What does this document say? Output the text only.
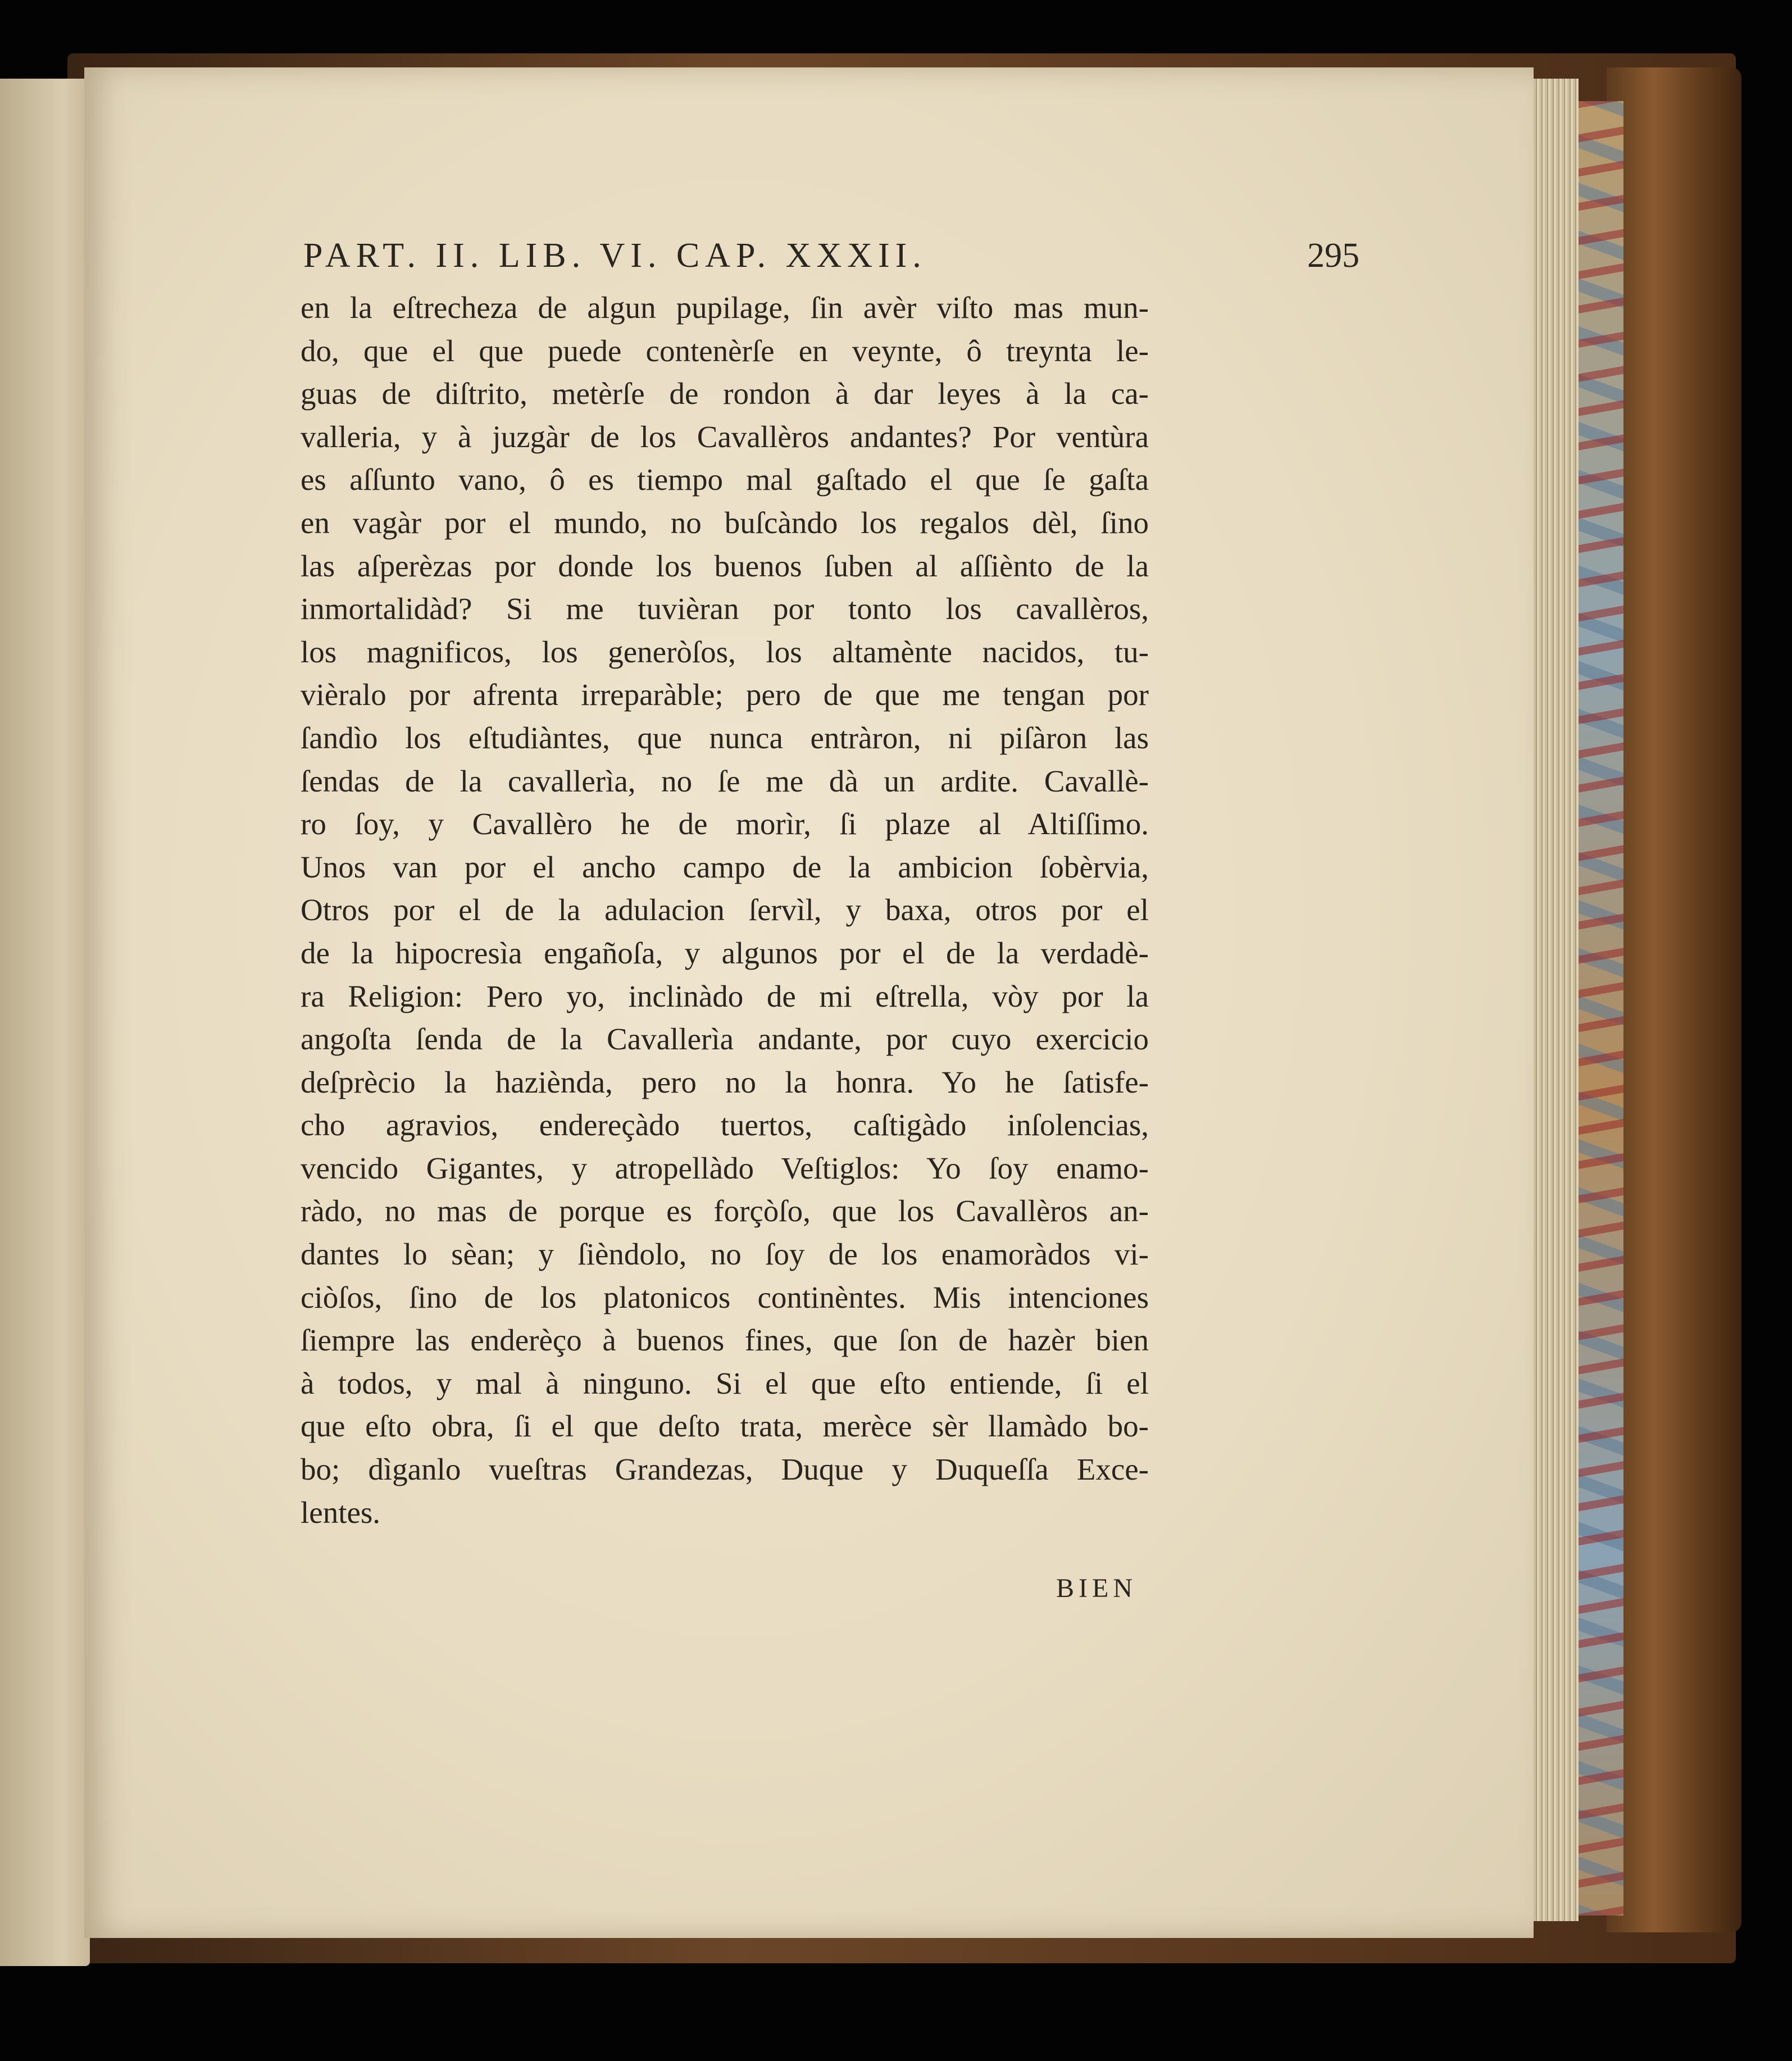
PART. II. LIB. VI. CAP. XXXII.	295
en la eſtrecheza de algun pupilage, ſin avèr viſto mas mun-
do, que el que puede contenèrſe en veynte, ô treynta le-
guas de diſtrito, metèrſe de rondon à dar leyes à la ca-
valleria, y à juzgàr de los Cavallèros andantes? Por ventùra
es aſſunto vano, ô es tiempo mal gaſtado el que ſe gaſta
en vagàr por el mundo, no buſcàndo los regalos dèl, ſino
las aſperèzas por donde los buenos ſuben al aſſiènto de la
inmortalidàd? Si me tuvièran por tonto los cavallèros,
los magnificos, los generòſos, los altamènte nacidos, tu-
vièralo por afrenta irreparàble; pero de que me tengan por
ſandìo los eſtudiàntes, que nunca entràron, ni piſàron las
ſendas de la cavallerìa, no ſe me dà un ardite. Cavallè-
ro ſoy, y Cavallèro he de morìr, ſi plaze al Altiſſimo.
Unos van por el ancho campo de la ambicion ſobèrvia,
Otros por el de la adulacion ſervìl, y baxa, otros por el
de la hipocresìa engañoſa, y algunos por el de la verdadè-
ra Religion: Pero yo, inclinàdo de mi eſtrella, vòy por la
angoſta ſenda de la Cavallerìa andante, por cuyo exercicio
deſprècio la haziènda, pero no la honra. Yo he ſatisfe-
cho agravios, endereçàdo tuertos, caſtigàdo inſolencias,
vencido Gigantes, y atropellàdo Veſtiglos: Yo ſoy enamo-
ràdo, no mas de porque es forçòſo, que los Cavallèros an-
dantes lo sèan; y ſièndolo, no ſoy de los enamoràdos vi-
ciòſos, ſino de los platonicos continèntes. Mis intenciones
ſiempre las enderèço à buenos fines, que ſon de hazèr bien
à todos, y mal à ninguno. Si el que eſto entiende, ſi el
que eſto obra, ſi el que deſto trata, merèce sèr llamàdo bo-
bo; dìganlo vueſtras Grandezas, Duque y Duqueſſa Exce-
lentes.
BIEN
